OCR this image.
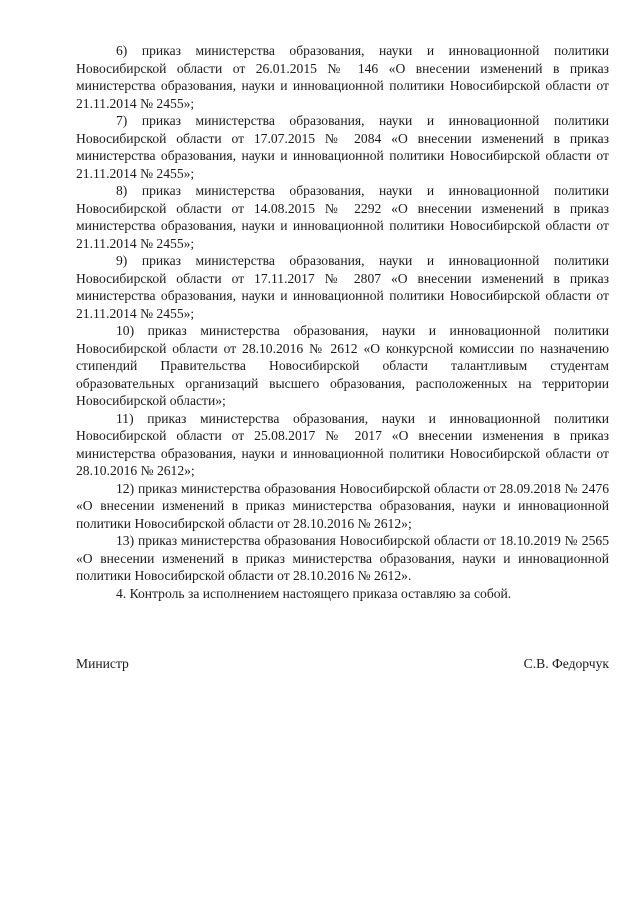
6) приказ министерства образования, науки и инновационной политики Новосибирской области от 26.01.2015 № 146 «О внесении изменений в приказ министерства образования, науки и инновационной политики Новосибирской области от 21.11.2014 № 2455»;

7) приказ министерства образования, науки и инновационной политики Новосибирской области от 17.07.2015 № 2084 «О внесении изменений в приказ министерства образования, науки и инновационной политики Новосибирской области от 21.11.2014 № 2455»;

8) приказ министерства образования, науки и инновационной политики Новосибирской области от 14.08.2015 № 2292 «О внесении изменений в приказ министерства образования, науки и инновационной политики Новосибирской области от 21.11.2014 № 2455»;

9) приказ министерства образования, науки и инновационной политики Новосибирской области от 17.11.2017 № 2807 «О внесении изменений в приказ министерства образования, науки и инновационной политики Новосибирской области от 21.11.2014 № 2455»;

10) приказ министерства образования, науки и инновационной политики Новосибирской области от 28.10.2016 № 2612 «О конкурсной комиссии по назначению стипендий Правительства Новосибирской области талантливым студентам образовательных организаций высшего образования, расположенных на территории Новосибирской области»;

11) приказ министерства образования, науки и инновационной политики Новосибирской области от 25.08.2017 № 2017 «О внесении изменения в приказ министерства образования, науки и инновационной политики Новосибирской области от 28.10.2016 № 2612»;

12) приказ министерства образования Новосибирской области от 28.09.2018 № 2476 «О внесении изменений в приказ министерства образования, науки и инновационной политики Новосибирской области от 28.10.2016 № 2612»;

13) приказ министерства образования Новосибирской области от 18.10.2019 № 2565 «О внесении изменений в приказ министерства образования, науки и инновационной политики Новосибирской области от 28.10.2016 № 2612».

4. Контроль за исполнением настоящего приказа оставляю за собой.

Министр	С.В. Федорчук
